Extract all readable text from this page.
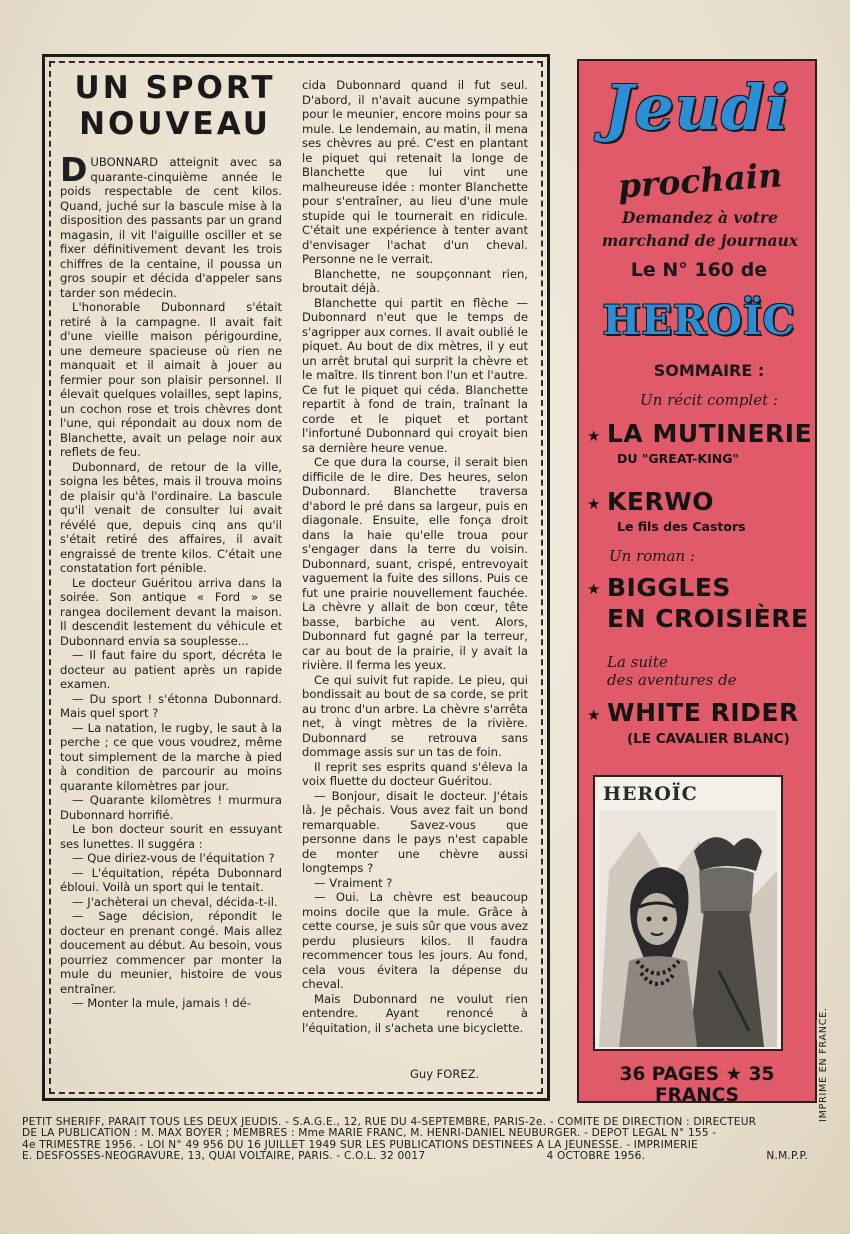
UN SPORT
NOUVEAU

DUBONNARD atteignit avec sa quarante-cinquième année le poids respectable de cent kilos. Quand, juché sur la bascule mise à la disposition des passants par un grand magasin, il vit l'aiguille osciller et se fixer définitivement devant les trois chiffres de la centaine, il poussa un gros soupir et décida d'appeler sans tarder son médecin.

L'honorable Dubonnard s'était retiré à la campagne. Il avait fait d'une vieille maison périgourdine, une demeure spacieuse où rien ne manquait et il aimait à jouer au fermier pour son plaisir personnel. Il élevait quelques volailles, sept lapins, un cochon rose et trois chèvres dont l'une, qui répondait au doux nom de Blanchette, avait un pelage noir aux reflets de feu.

Dubonnard, de retour de la ville, soigna les bêtes, mais il trouva moins de plaisir qu'à l'ordinaire. La bascule qu'il venait de consulter lui avait révélé que, depuis cinq ans qu'il s'était retiré des affaires, il avait engraissé de trente kilos. C'était une constatation fort pénible.

Le docteur Guéritou arriva dans la soirée. Son antique « Ford » se rangea docilement devant la maison. Il descendit lestement du véhicule et Dubonnard envia sa souplesse...

— Il faut faire du sport, décréta le docteur au patient après un rapide examen.

— Du sport ! s'étonna Dubonnard. Mais quel sport ?

— La natation, le rugby, le saut à la perche ; ce que vous voudrez, même tout simplement de la marche à pied à condition de parcourir au moins quarante kilomètres par jour.

— Quarante kilomètres ! murmura Dubonnard horrifié.

Le bon docteur sourit en essuyant ses lunettes. Il suggéra :

— Que diriez-vous de l'équitation ?

— L'équitation, répéta Dubonnard ébloui. Voilà un sport qui le tentait.

— J'achèterai un cheval, décida-t-il.

— Sage décision, répondit le docteur en prenant congé. Mais allez doucement au début. Au besoin, vous pourriez commencer par monter la mule du meunier, histoire de vous entraîner.

— Monter la mule, jamais ! dé-

cida Dubonnard quand il fut seul. D'abord, il n'avait aucune sympathie pour le meunier, encore moins pour sa mule. Le lendemain, au matin, il mena ses chèvres au pré. C'est en plantant le piquet qui retenait la longe de Blanchette que lui vint une malheureuse idée : monter Blanchette pour s'entraîner, au lieu d'une mule stupide qui le tournerait en ridicule. C'était une expérience à tenter avant d'envisager l'achat d'un cheval. Personne ne le verrait.

Blanchette, ne soupçonnant rien, broutait déjà.

Blanchette qui partit en flèche — Dubonnard n'eut que le temps de s'agripper aux cornes. Il avait oublié le piquet. Au bout de dix mètres, il y eut un arrêt brutal qui surprit la chèvre et le maître. Ils tinrent bon l'un et l'autre. Ce fut le piquet qui céda. Blanchette repartit à fond de train, traînant la corde et le piquet et portant l'infortuné Dubonnard qui croyait bien sa dernière heure venue.

Ce que dura la course, il serait bien difficile de le dire. Des heures, selon Dubonnard. Blanchette traversa d'abord le pré dans sa largeur, puis en diagonale. Ensuite, elle fonça droit dans la haie qu'elle troua pour s'engager dans la terre du voisin. Dubonnard, suant, crispé, entrevoyait vaguement la fuite des sillons. Puis ce fut une prairie nouvellement fauchée. La chèvre y allait de bon cœur, tête basse, barbiche au vent. Alors, Dubonnard fut gagné par la terreur, car au bout de la prairie, il y avait la rivière. Il ferma les yeux.

Ce qui suivit fut rapide. Le pieu, qui bondissait au bout de sa corde, se prit au tronc d'un arbre. La chèvre s'arrêta net, à vingt mètres de la rivière. Dubonnard se retrouva sans dommage assis sur un tas de foin.

Il reprit ses esprits quand s'éleva la voix fluette du docteur Guéritou.

— Bonjour, disait le docteur. J'étais là. Je pêchais. Vous avez fait un bond remarquable. Savez-vous que personne dans le pays n'est capable de monter une chèvre aussi longtemps ?

— Vraiment ?

— Oui. La chèvre est beaucoup moins docile que la mule. Grâce à cette course, je suis sûr que vous avez perdu plusieurs kilos. Il faudra recommencer tous les jours. Au fond, cela vous évitera la dépense du cheval.

Mais Dubonnard ne voulut rien entendre. Ayant renoncé à l'équitation, il s'acheta une bicyclette.

Guy FOREZ.
Jeudi
prochain
Demandez à votre
marchand de journaux
Le N° 160 de
HEROÏC
SOMMAIRE :
Un récit complet :
★ LA MUTINERIE
DU "GREAT-KING"
★ KERWO
Le fils des Castors
Un roman :
★ BIGGLES
EN CROISIÈRE
La suite
des aventures de
★ WHITE RIDER
(LE CAVALIER BLANC)
HEROÏC
36 PAGES ★ 35 FRANCS
PETIT SHERIFF, PARAIT TOUS LES DEUX JEUDIS. - S.A.G.E., 12, RUE DU 4-SEPTEMBRE, PARIS-2e. - COMITE DE DIRECTION : DIRECTEUR
DE LA PUBLICATION : M. MAX BOYER ; MEMBRES : Mme MARIE FRANC, M. HENRI-DANIEL NEUBURGER. - DEPOT LEGAL N° 155 -
4e TRIMESTRE 1956. - LOI N° 49 956 DU 16 JUILLET 1949 SUR LES PUBLICATIONS DESTINEES A LA JEUNESSE. - IMPRIMERIE
E. DESFOSSES-NEOGRAVURE, 13, QUAI VOLTAIRE, PARIS. - C.O.L. 32 0017	4 OCTOBRE 1956.	N.M.P.P.
IMPRIME EN FRANCE.
